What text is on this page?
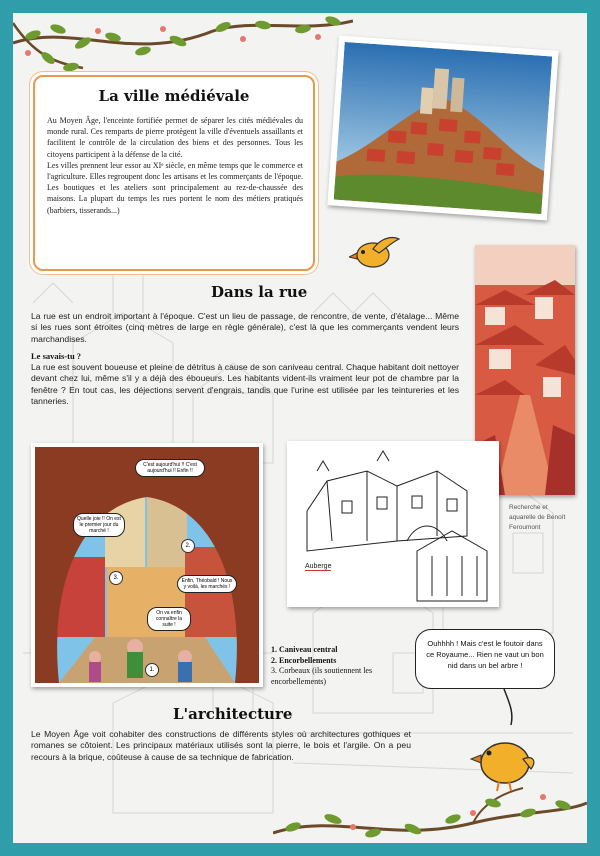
La ville médiévale

Au Moyen Âge, l'enceinte fortifiée permet de séparer les cités médiévales du monde rural. Ces remparts de pierre protègent la ville d'éventuels assaillants et facilitent le contrôle de la circulation des biens et des personnes. Tous les citoyens participent à la défense de la cité.

Les villes prennent leur essor au XIᵉ siècle, en même temps que le commerce et l'agriculture. Elles regroupent donc les artisans et les commerçants de l'époque. Les boutiques et les ateliers sont principalement au rez-de-chaussée des maisons. La plupart du temps les rues portent le nom des métiers pratiqués (barbiers, tisserands...)

Dans la rue

La rue est un endroit important à l'époque. C'est un lieu de passage, de rencontre, de vente, d'étalage... Même si les rues sont étroites (cinq mètres de large en règle générale), c'est là que les commerçants vendent leurs marchandises.

Le savais-tu ?

La rue est souvent boueuse et pleine de détritus à cause de son caniveau central. Chaque habitant doit nettoyer devant chez lui, même s'il y a déjà des éboueurs. Les habitants vident-ils vraiment leur pot de chambre par la fenêtre ? En tout cas, les déjections servent d'engrais, tandis que l'urine est utilisée par les teintureries et les tanneries.

C'est aujourd'hui !! C'est aujourd'hui !! Enfin !!
Quelle joie !! On est le premier jour du marché !
Enfin, Théobald ! Nous y voilà, les marchés !
On va enfin connaître la suite !
1.
2.
3.
Auberge
Recherche et aquarelle de Benoît Feroumont
1. Caniveau central
2. Encorbellements
3. Corbeaux (ils soutiennent les encorbellements)
Ouhhhh ! Mais c'est le foutoir dans ce Royaume... Rien ne vaut un bon nid dans un bel arbre !
L'architecture
Le Moyen Âge voit cohabiter des constructions de différents styles où architectures gothiques et romanes se côtoient. Les principaux matériaux utilisés sont la pierre, le bois et l'argile. On a peu recours à la brique, coûteuse à cause de sa technique de fabrication.
